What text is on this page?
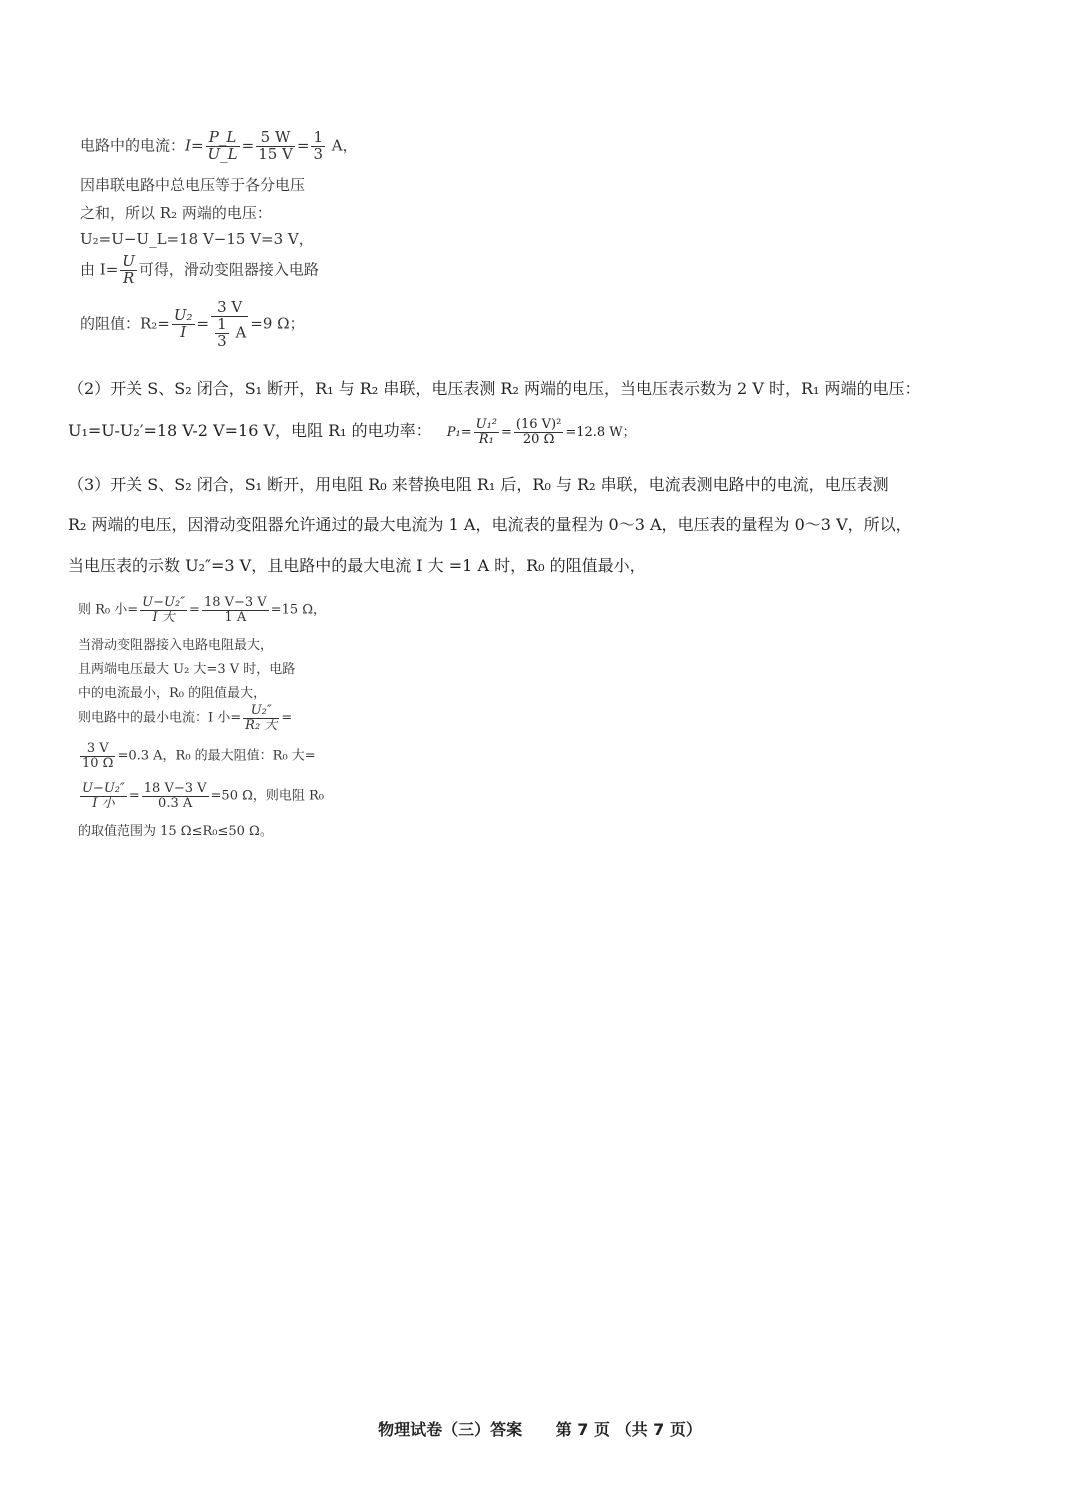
电路中的电流：$I= \frac{P\_L}{U\_L} = \frac{5 W}{15 V} = \frac{1}{3}$ A，
因串联电路中总电压等于各分电压
之和，所以 R₂ 两端的电压：
U₂=U−U_L=18 V−15 V=3 V，
由 $I= \frac{U}{R}$ 可得，滑动变阻器接入电路
的阻值：$R_2= \frac{\text{U₂}}{I} = \frac{3 V}{\frac{1}{3} A} =9$ Ω；
（2）开关 S、S₂ 闭合，S₁ 断开，R₁ 与 R₂ 串联，电压表测 R₂ 两端的电压，当电压表示数为 2 V 时，R₁ 两端的电压：
U₁=U-U₂′=18 V-2 V=16 V，电阻 R₁ 的电功率： $P_1= \frac{\text{U₁²}}{\text{R₁}} = \frac{\text{(16 V)²}}{20 \Omega} =12.8$ W；
（3）开关 S、S₂ 闭合，S₁ 断开，用电阻 R₀ 来替换电阻 R₁ 后，R₀ 与 R₂ 串联，电流表测电路中的电流，电压表测
R₂ 两端的电压，因滑动变阻器允许通过的最大电流为 1 A，电流表的量程为 0～3 A，电压表的量程为 0～3 V，所以，
当电压表的示数 U₂″=3 V，且电路中的最大电流 I 大 =1 A 时，R₀ 的阻值最小，
则 R₀ 小= $\frac{\text{U−U₂″}}{\text{I 大}} = \frac{18 V-3 V}{1 A} =15$ Ω，
当滑动变阻器接入电路电阻最大，
且两端电压最大 U₂ 大=3 V 时，电路
中的电流最小，R₀ 的阻值最大，
则电路中的最小电流：I 小= $\frac{\text{U₂″}}{\text{R₂ 大}}$ =
$\frac{3 V}{10 \Omega} =0.3$ A，R₀ 的最大阻值：R₀ 大=
$\frac{\text{U−U₂″}}{\text{I 小}} = \frac{18 V-3 V}{0.3 A} =50$ Ω，则电阻 R₀
的取值范围为 15 Ω≤R₀≤50 Ω。
物理试卷（三）答案 第 7 页 （共 7 页）
